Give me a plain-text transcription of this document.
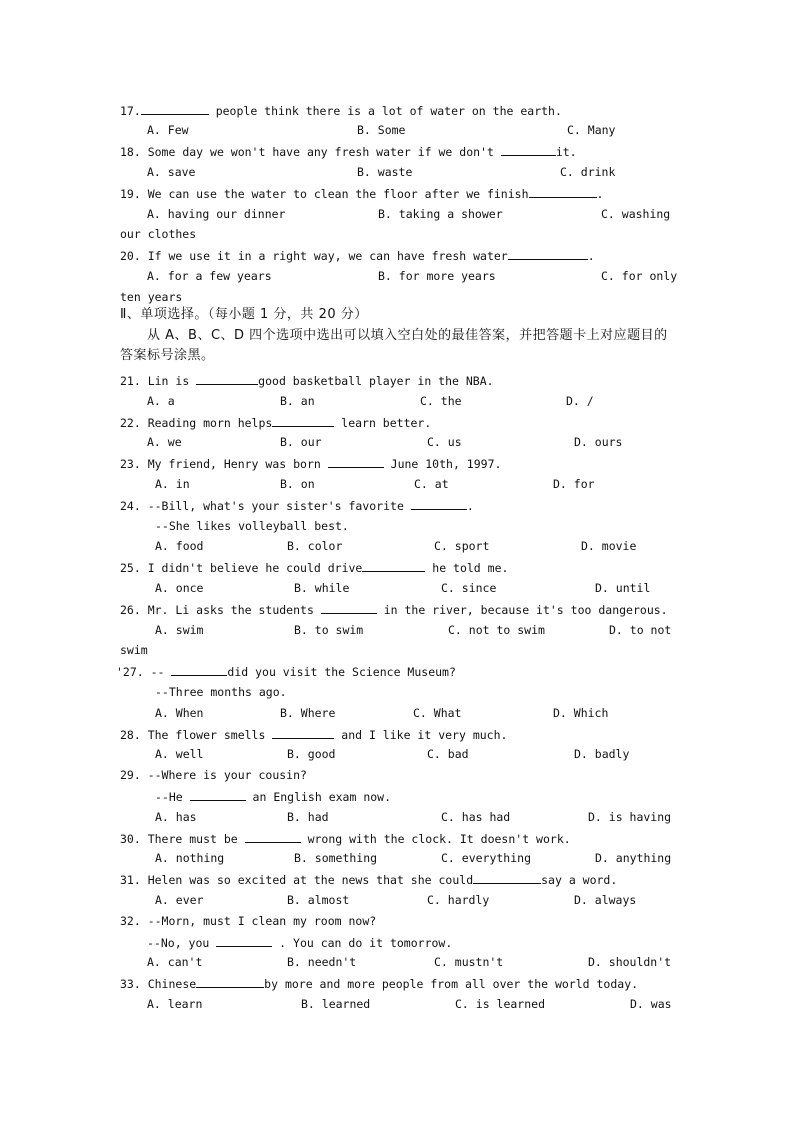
17.	people think there is a lot of water on the earth.
A. Few	B. Some	C. Many
18. Some day we won't have any fresh water if we don't	it.
A. save	B. waste	C. drink
19. We can use the water to clean the floor after we finish	.
A. having our dinner	B. taking a shower	C. washing
our clothes
20. If we use it in a right way, we can have fresh water	.
A. for a few years	B. for more years	C. for only
ten years
Ⅱ、单项选择。（每小题 1 分，共 20 分）
从 A、B、C、D 四个选项中选出可以填入空白处的最佳答案，并把答题卡上对应题目的
答案标号涂黑。
21. Lin is	good basketball player in the NBA.
A. a	B. an	C. the	D. /
22. Reading morn helps	learn better.
A. we	B. our	C. us	D. ours
23. My friend, Henry was born	June 10th, 1997.
A. in	B. on	C. at	D. for
24. --Bill, what's your sister's favorite	.
--She likes volleyball best.
A. food	B. color	C. sport	D. movie
25. I didn't believe he could drive	he told me.
A. once	B. while	C. since	D. until
26. Mr. Li asks the students	in the river, because it's too dangerous.
A. swim	B. to swim	C. not to swim	D. to not
swim
'27. --	did you visit the Science Museum?
--Three months ago.
A. When	B. Where	C. What	D. Which
28. The flower smells	and I like it very much.
A. well	B. good	C. bad	D. badly
29. --Where is your cousin?
--He	an English exam now.
A. has	B. had	C. has had	D. is having
30. There must be	wrong with the clock. It doesn't work.
A. nothing	B. something	C. everything	D. anything
31. Helen was so excited at the news that she could	say a word.
A. ever	B. almost	C. hardly	D. always
32. --Morn, must I clean my room now?
--No, you	. You can do it tomorrow.
A. can't	B. needn't	C. mustn't	D. shouldn't
33. Chinese	by more and more people from all over the world today.
A. learn	B. learned	C. is learned	D. was
